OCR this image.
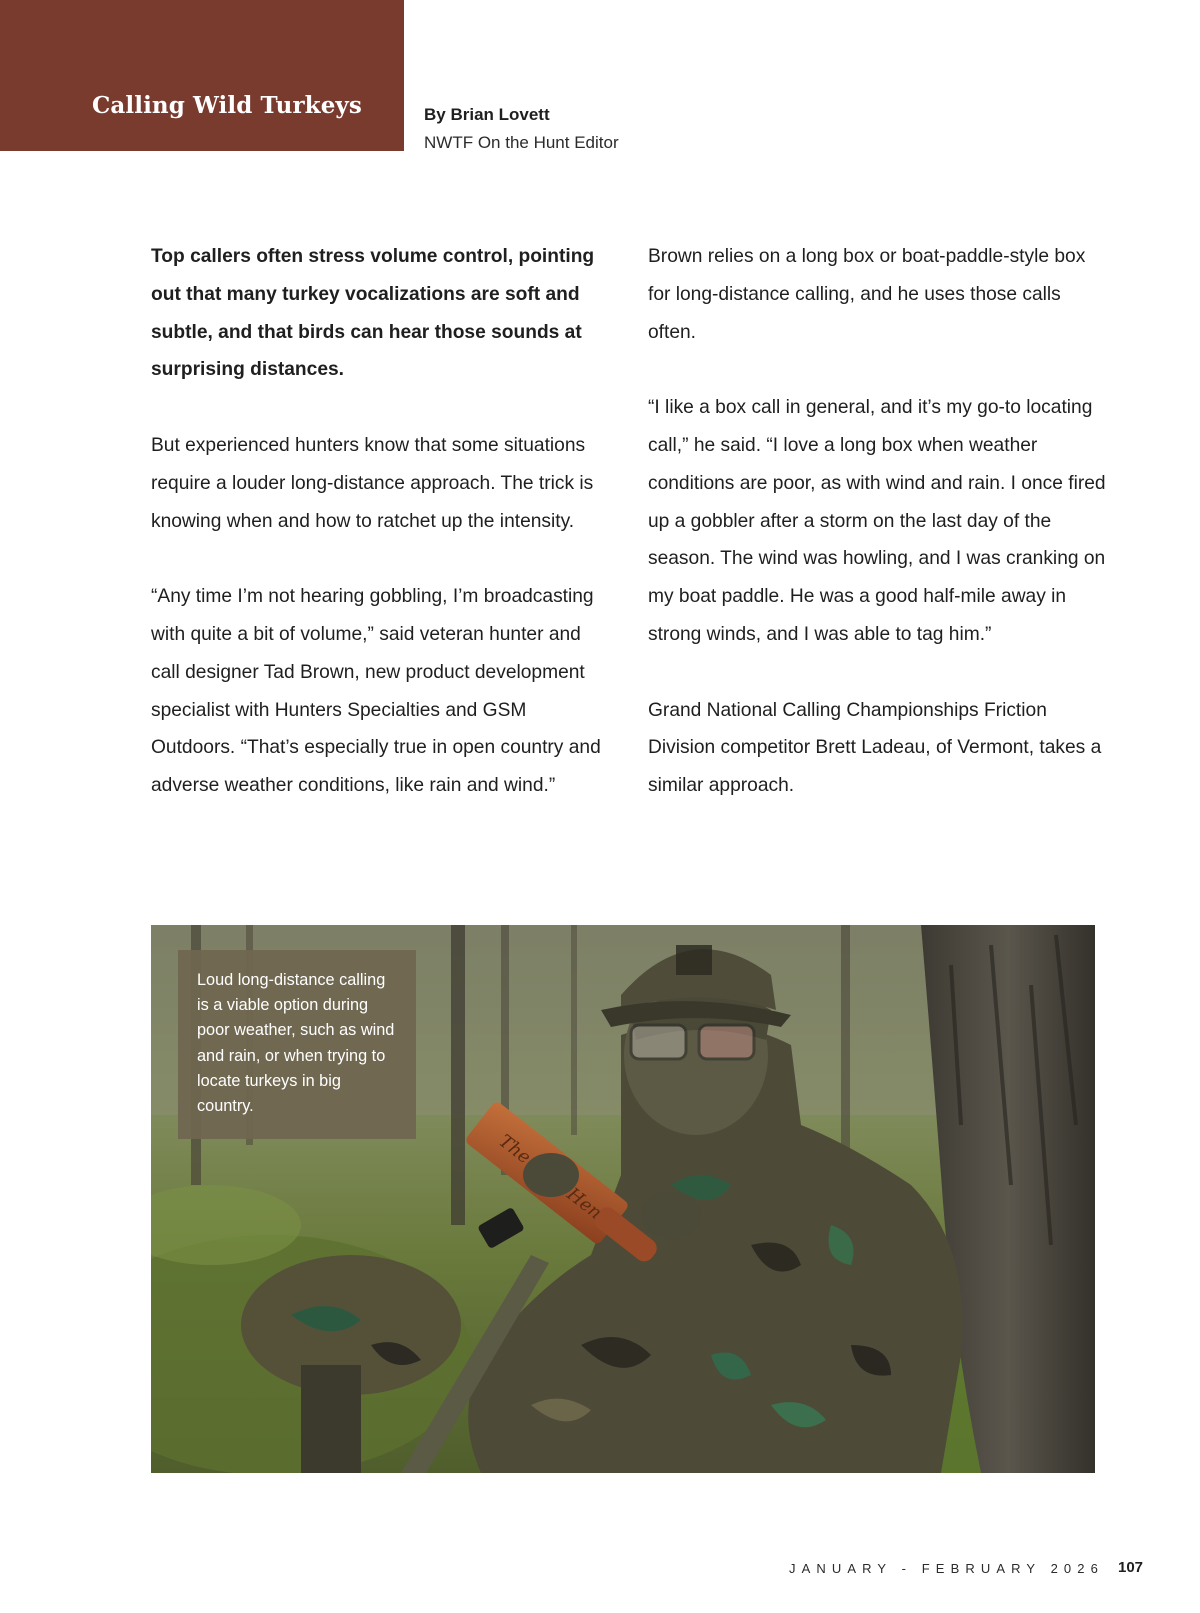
Calling Wild Turkeys	By Brian Lovett
NWTF On the Hunt Editor

Top callers often stress volume control, pointing out that many turkey vocalizations are soft and subtle, and that birds can hear those sounds at surprising distances.

But experienced hunters know that some situations require a louder long-distance approach. The trick is knowing when and how to ratchet up the intensity.

“Any time I’m not hearing gobbling, I’m broadcasting with quite a bit of volume,” said veteran hunter and call designer Tad Brown, new product development specialist with Hunters Specialties and GSM Outdoors. “That’s especially true in open country and adverse weather conditions, like rain and wind.”

Brown relies on a long box or boat-paddle-style box for long-distance calling, and he uses those calls often.

“I like a box call in general, and it’s my go-to locating call,” he said. “I love a long box when weather conditions are poor, as with wind and rain. I once fired up a gobbler after a storm on the last day of the season. The wind was howling, and I was cranking on my boat paddle. He was a good half-mile away in strong winds, and I was able to tag him.”

Grand National Calling Championships Friction Division competitor Brett Ladeau, of Vermont, takes a similar approach.

The Hen
Loud long-distance calling is a viable option during poor weather, such as wind and rain, or when trying to locate turkeys in big country.
JANUARY - FEBRUARY 2026 107
